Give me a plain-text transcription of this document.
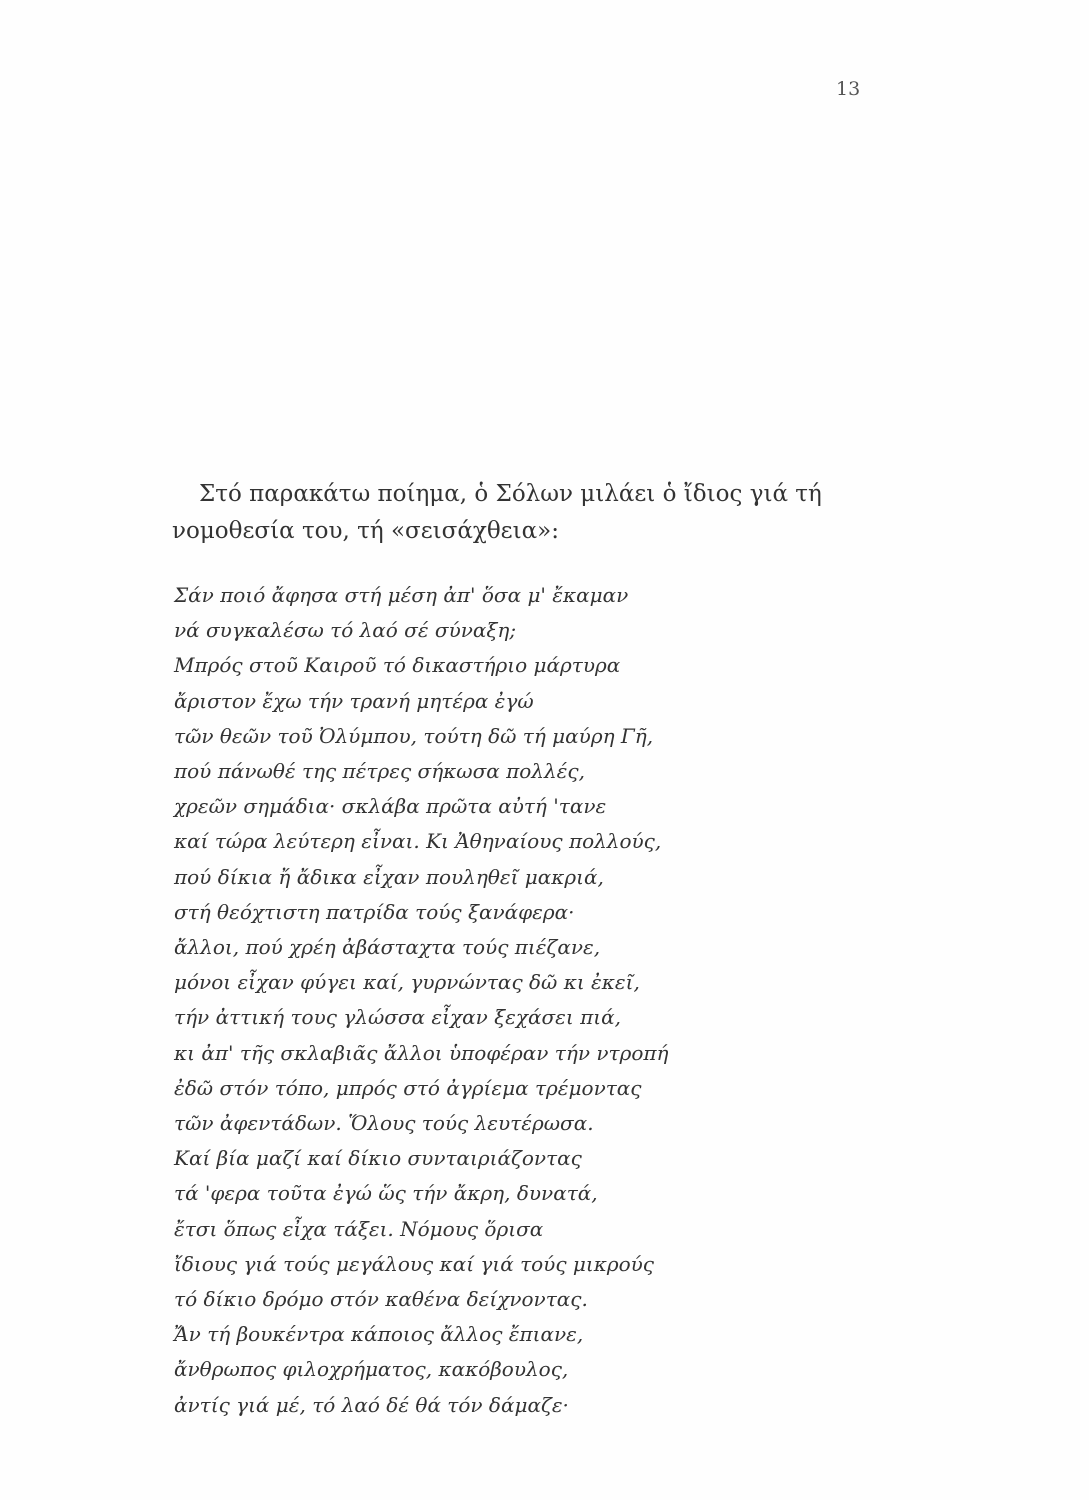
13
Στό παρακάτω ποίημα, ὁ Σόλων μιλάει ὁ ἴδιος γιά τή
νομοθεσία του, τή «σεισάχθεια»:
Σάν ποιό ἄφησα στή μέση ἀπ' ὅσα μ' ἔκαμαν
νά συγκαλέσω τό λαό σέ σύναξη;
Μπρός στοῦ Καιροῦ τό δικαστήριο μάρτυρα
ἄριστον ἔχω τήν τρανή μητέρα ἐγώ
τῶν θεῶν τοῦ Ὀλύμπου, τούτη δῶ τή μαύρη Γῆ,
πού πάνωθέ της πέτρες σήκωσα πολλές,
χρεῶν σημάδια· σκλάβα πρῶτα αὐτή 'τανε
καί τώρα λεύτερη εἶναι. Κι Ἀθηναίους πολλούς,
πού δίκια ἤ ἄδικα εἶχαν πουληθεῖ μακριά,
στή θεόχτιστη πατρίδα τούς ξανάφερα·
ἄλλοι, πού χρέη ἀβάσταχτα τούς πιέζανε,
μόνοι εἶχαν φύγει καί, γυρνώντας δῶ κι ἐκεῖ,
τήν ἀττική τους γλώσσα εἶχαν ξεχάσει πιά,
κι ἀπ' τῆς σκλαβιᾶς ἄλλοι ὑποφέραν τήν ντροπή
ἐδῶ στόν τόπο, μπρός στό ἀγρίεμα τρέμοντας
τῶν ἀφεντάδων. Ὅλους τούς λευτέρωσα.
Καί βία μαζί καί δίκιο συνταιριάζοντας
τά 'φερα τοῦτα ἐγώ ὥς τήν ἄκρη, δυνατά,
ἔτσι ὅπως εἶχα τάξει. Νόμους ὅρισα
ἴδιους γιά τούς μεγάλους καί γιά τούς μικρούς
τό δίκιο δρόμο στόν καθένα δείχνοντας.
Ἄν τή βουκέντρα κάποιος ἄλλος ἔπιανε,
ἄνθρωπος φιλοχρήματος, κακόβουλος,
ἀντίς γιά μέ, τό λαό δέ θά τόν δάμαζε·
